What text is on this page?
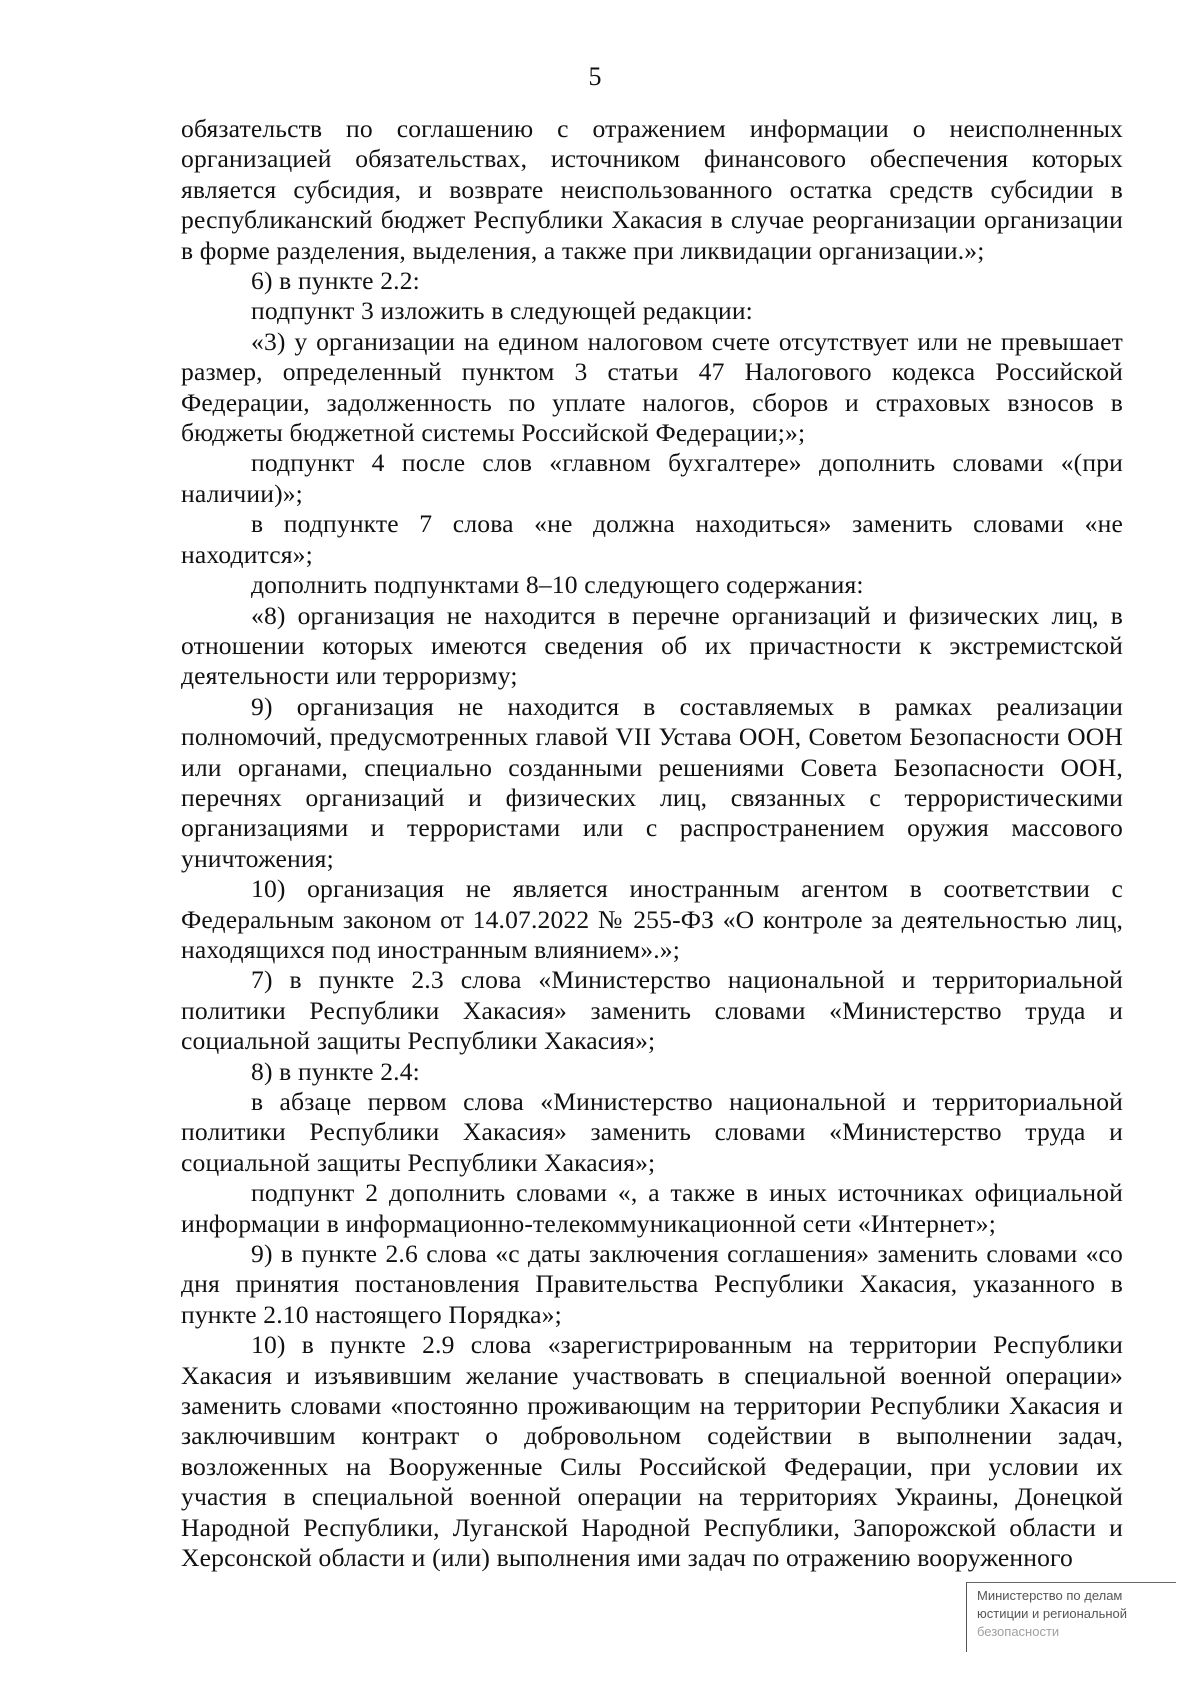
5

обязательств по соглашению с отражением информации о неисполненных организацией обязательствах, источником финансового обеспечения которых является субсидия, и возврате неиспользованного остатка средств субсидии в республиканский бюджет Республики Хакасия в случае реорганизации организации в форме разделения, выделения, а также при ликвидации организации.»;

6) в пункте 2.2:

подпункт 3 изложить в следующей редакции:

«3) у организации на едином налоговом счете отсутствует или не превышает размер, определенный пунктом 3 статьи 47 Налогового кодекса Российской Федерации, задолженность по уплате налогов, сборов и страховых взносов в бюджеты бюджетной системы Российской Федерации;»;

подпункт 4 после слов «главном бухгалтере» дополнить словами «(при наличии)»;

в подпункте 7 слова «не должна находиться» заменить словами «не находится»;

дополнить подпунктами 8–10 следующего содержания:

«8) организация не находится в перечне организаций и физических лиц, в отношении которых имеются сведения об их причастности к экстремистской деятельности или терроризму;

9) организация не находится в составляемых в рамках реализации полномочий, предусмотренных главой VII Устава ООН, Советом Безопасности ООН или органами, специально созданными решениями Совета Безопасности ООН, перечнях организаций и физических лиц, связанных с террористическими организациями и террористами или с распространением оружия массового уничтожения;

10) организация не является иностранным агентом в соответствии с Федеральным законом от 14.07.2022 № 255-ФЗ «О контроле за деятельностью лиц, находящихся под иностранным влиянием».»;

7) в пункте 2.3 слова «Министерство национальной и территориальной политики Республики Хакасия» заменить словами «Министерство труда и социальной защиты Республики Хакасия»;

8) в пункте 2.4:

в абзаце первом слова «Министерство национальной и территориальной политики Республики Хакасия» заменить словами «Министерство труда и социальной защиты Республики Хакасия»;

подпункт 2 дополнить словами «, а также в иных источниках официальной информации в информационно-телекоммуникационной сети «Интернет»;

9) в пункте 2.6 слова «с даты заключения соглашения» заменить словами «со дня принятия постановления Правительства Республики Хакасия, указанного в пункте 2.10 настоящего Порядка»;

10) в пункте 2.9 слова «зарегистрированным на территории Республики Хакасия и изъявившим желание участвовать в специальной военной операции» заменить словами «постоянно проживающим на территории Республики Хакасия и заключившим контракт о добровольном содействии в выполнении задач, возложенных на Вооруженные Силы Российской Федерации, при условии их участия в специальной военной операции на территориях Украины, Донецкой Народной Республики, Луганской Народной Республики, Запорожской области и Херсонской области и (или) выполнения ими задач по отражению вооруженного

Министерство по делам
юстиции и региональной
безопасности
